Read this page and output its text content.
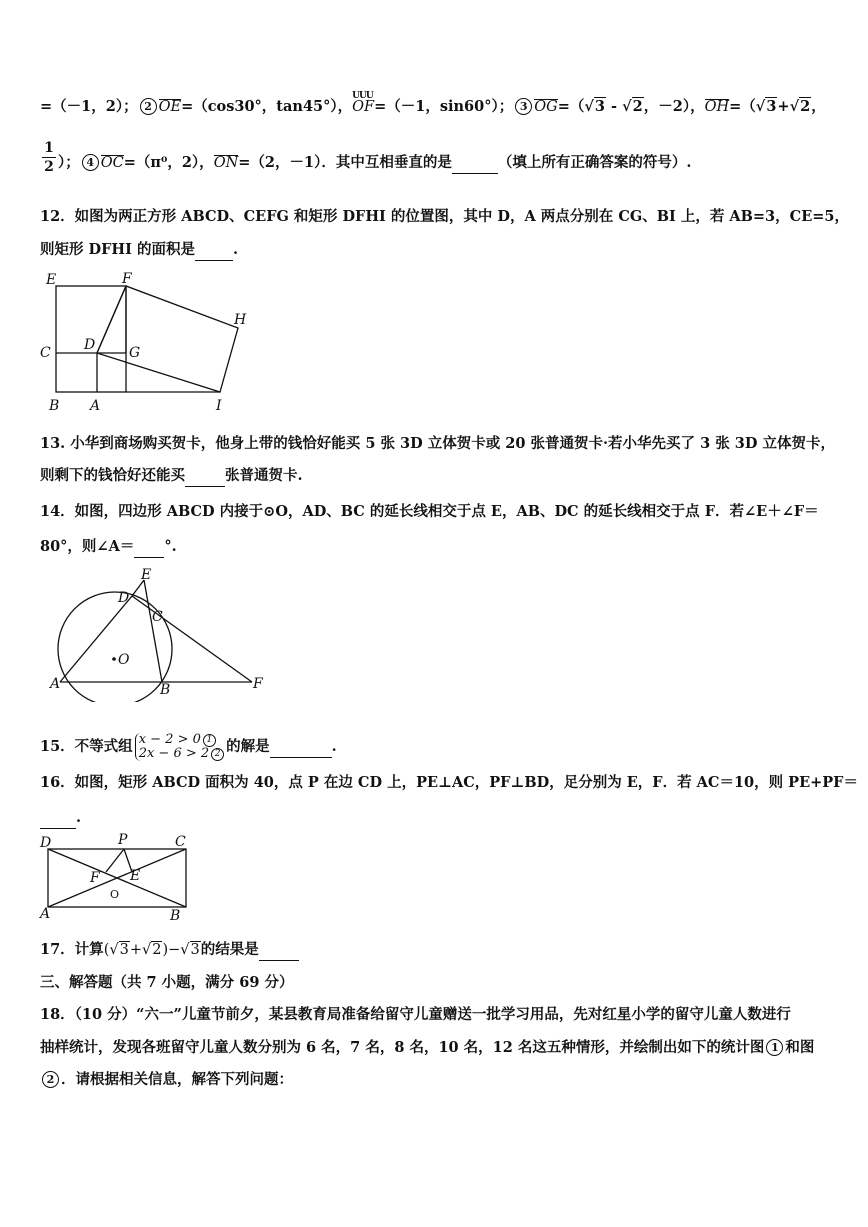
=（－1，2）； 2 OE=（cos30°，tan45°），
UUU
OF=（－1，sin60°）； 3 OG=（√3 - √2，－2），OH=（√3+√2，
1
2 ）； 4 OC=（π⁰，2），ON=（2，－1）．其中互相垂直的是	（填上所有正确答案的符号）.
12．如图为两正方形 ABCD、CEFG 和矩形 DFHI 的位置图，其中 D，A 两点分别在 CG、BI 上，若 AB=3，CE=5，
则矩形 DFHI 的面积是	.
E	F
H
C D G
B A	I
13. 小华到商场购买贺卡，他身上带的钱恰好能买 5 张 3D 立体贺卡或 20 张普通贺卡·若小华先买了 3 张 3D 立体贺卡，
则剩下的钱恰好还能买	张普通贺卡.
14．如图，四边形 ABCD 内接于⊙O，AD、BC 的延长线相交于点 E，AB、DC 的延长线相交于点 F．若∠E＋∠F＝
80°，则∠A＝ °.
E
D
C
O
A	B	F
15．不等式组 x − 2 > 0 1
2x − 6 > 2 2 的解是	.
16．如图，矩形 ABCD 面积为 40，点 P 在边 CD 上，PE⊥AC，PF⊥BD，足分别为 E，F．若 AC＝10，则 PE+PF＝
.
D	P	C
F E
O
A	B
17．计算(√3+√2)−√3的结果是
三、解答题（共 7 小题，满分 69 分）
18．（10 分）“六一”儿童节前夕，某县教育局准备给留守儿童赠送一批学习用品，先对红星小学的留守儿童人数进行
抽样统计，发现各班留守儿童人数分别为 6 名，7 名，8 名，10 名，12 名这五种情形，并绘制出如下的统计图 1 和图
2 ．请根据相关信息，解答下列问题：
